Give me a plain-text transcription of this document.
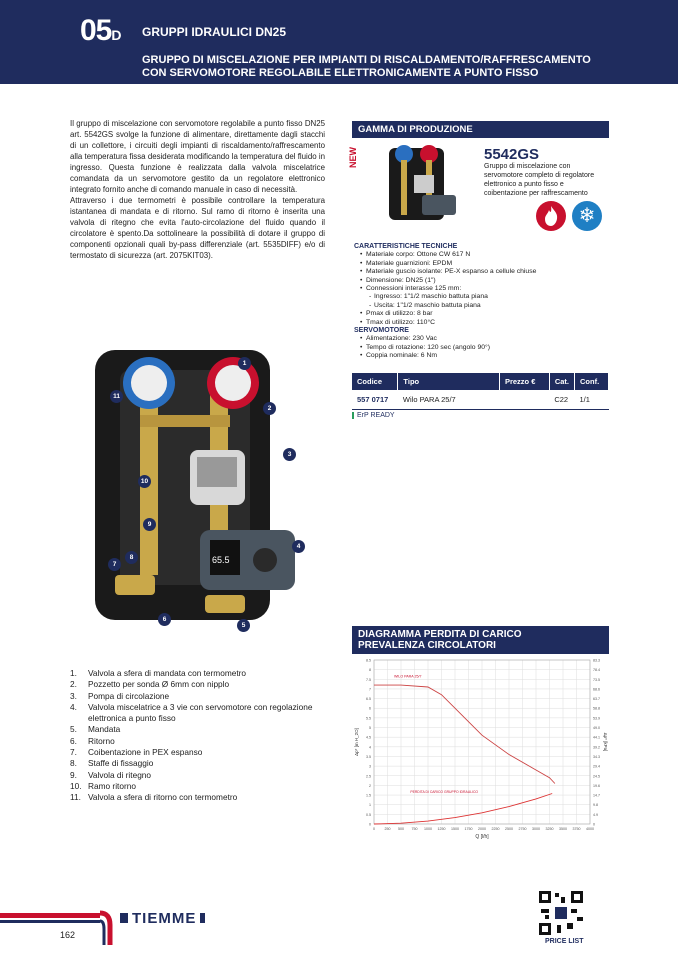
05D GRUPPI IDRAULICI DN25
GRUPPO DI MISCELAZIONE PER IMPIANTI DI RISCALDAMENTO/RAFFRESCAMENTO
CON SERVOMOTORE REGOLABILE ELETTRONICAMENTE A PUNTO FISSO

Il gruppo di miscelazione con servomotore regolabile a punto fisso DN25 art. 5542GS svolge la funzione di alimentare, direttamente dagli stacchi di un collettore, i circuiti degli impianti di riscaldamento/raffrescamento alla temperatura fissa desiderata modificando la temperatura del fluido in ingresso. Questa funzione è realizzata dalla valvola miscelatrice comandata da un servomotore gestito da un regolatore elettronico integrato fornito anche di comando manuale in caso di necessità.

Attraverso i due termometri è possibile controllare la temperatura istantanea di mandata e di ritorno. Sul ramo di ritorno è inserita una valvola di ritegno che evita l'auto-circolazione del fluido quando il circolatore è spento.Da sottolineare la possibilità di dotare il gruppo di componenti opzionali quali by-pass differenziale (art. 5535DIFF) e/o di termostato di sicurezza (art. 2075KIT03).

65.5
1
2
3
4
5
6
7
8
9
10
11
1.	Valvola a sfera di mandata con termometro
2.	Pozzetto per sonda Ø 6mm con nipplo
3.	Pompa di circolazione
4.	Valvola miscelatrice a 3 vie con servomotore con regolazione elettronica a punto fisso
5.	Mandata
6.	Ritorno
7.	Coibentazione in PEX espanso
8.	Staffe di fissaggio
9.	Valvola di ritegno
10. Ramo ritorno
11. Valvola a sfera di ritorno con termometro
GAMMA DI PRODUZIONE
NEW	5542GS
Gruppo di miscelazione con servomotore completo di regolatore elettronico a punto fisso e coibentazione per raffrescamento
❄
CARATTERISTICHE TECNICHE
• Materiale corpo: Ottone CW 617 N
• Materiale guarnizioni: EPDM
• Materiale guscio isolante: PE-X espanso a cellule chiuse
• Dimensione: DN25 (1")
• Connessioni interasse 125 mm:
- Ingresso: 1"1/2 maschio battuta piana
- Uscita: 1"1/2 maschio battuta piana
• Pmax di utilizzo: 8 bar
• Tmax di utilizzo: 110°C
SERVOMOTORE
• Alimentazione: 230 Vac
• Tempo di rotazione: 120 sec (angolo 90°)
• Coppia nominale: 6 Nm
Codice	Tipo	Prezzo €	Cat.	Conf.
557 0717	Wilo PARA 25/7		C22	1/1
ErP READY
DIAGRAMMA PERDITA DI CARICO
PREVALENZA CIRCOLATORI
0	0
0.5	4.9
1	9.8
1.5	14.7
2	19.6
2.5	24.5
3	29.4
3.5	34.3
4	39.2
4.5	44.1
5	49.0
5.5	53.9
6	58.8
6.5	63.7
7	68.6
7.5	73.5
8	78.4
8.5	83.3
0	250 500 750 1000 1250 1500 1750 2000 2250 2500 2750 3000 3250 3500 3750 4000
Q [l/h]
Δp* [m H_2O]	Δp* [kPa]
WILO PARA 25/7
PERDITA DI CARICO GRUPPO IDRAULICO
TIEMME
162
PRICE LIST
